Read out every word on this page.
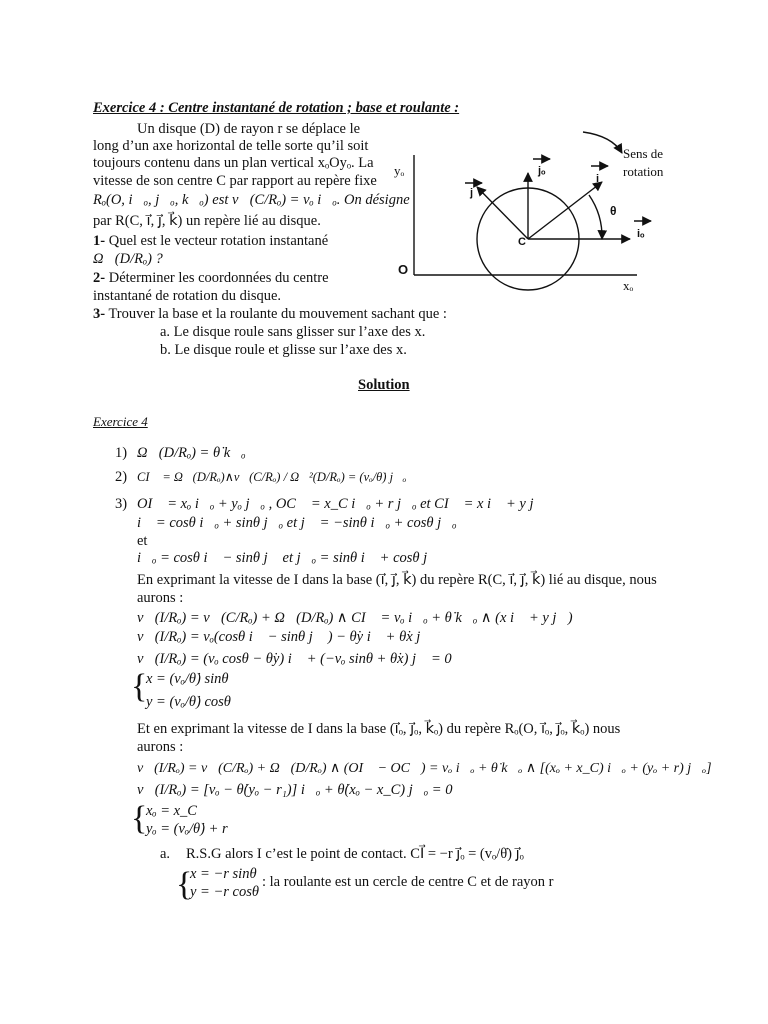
Exercice 4 : Centre instantané de rotation ; base et roulante :
Un disque (D) de rayon r se déplace le
long d’un axe horizontal de telle sorte qu’il soit
toujours contenu dans un plan vertical xₒOyₒ. La
vitesse de son centre C par rapport au repère fixe
Rₒ(O, i⃗ₒ, j⃗ₒ, k⃗ₒ) est v⃗(C/Rₒ) = vₒ i⃗ₒ. On désigne
par R(C, i⃗, j⃗, k⃗) un repère lié au disque.
1- Quel est le vecteur rotation instantané
Ω⃗(D/Rₒ) ?
2- Déterminer les coordonnées du centre
instantané de rotation du disque.
3- Trouver la base et la roulante du mouvement sachant que :
a. Le disque roule sans glisser sur l’axe des x.
b. Le disque roule et glisse sur l’axe des x.
Sens de
rotation
yₒ
xₒ
O
C
jₒ
i
j
iₒ
θ
Solution
Exercice 4
1) Ω⃗(D/Rₒ) = θ̇ k⃗ₒ
2) CI⃗ = Ω⃗(D/Rₒ)∧v⃗(C/Rₒ) / Ω⃗²(D/Rₒ) = (vₒ/θ̇) j⃗ₒ
3) OI⃗ = xₒ i⃗ₒ + yₒ j⃗ₒ , OC⃗ = x_C i⃗ₒ + r j⃗ₒ et CI⃗ = x i⃗ + y j⃗
i⃗ = cosθ i⃗ₒ + sinθ j⃗ₒ et j⃗ = −sinθ i⃗ₒ + cosθ j⃗ₒ
et
i⃗ₒ = cosθ i⃗ − sinθ j⃗ et j⃗ₒ = sinθ i⃗ + cosθ j⃗
En exprimant la vitesse de I dans la base (i⃗, j⃗, k⃗) du repère R(C, i⃗, j⃗, k⃗) lié au disque, nous
aurons :
v⃗(I/Rₒ) = v⃗(C/Rₒ) + Ω⃗(D/Rₒ) ∧ CI⃗ = vₒ i⃗ₒ + θ̇ k⃗ₒ ∧ (x i⃗ + y j⃗)
v⃗(I/Rₒ) = vₒ(cosθ i⃗ − sinθ j⃗ ) − θ̇y i⃗ + θ̇x j⃗
v⃗(I/Rₒ) = (vₒ cosθ − θ̇y) i⃗ + (−vₒ sinθ + θ̇x) j⃗ = 0
{
x = (vₒ/θ̇) sinθ
y = (vₒ/θ̇) cosθ
Et en exprimant la vitesse de I dans la base (i⃗ₒ, j⃗ₒ, k⃗ₒ) du repère Rₒ(O, i⃗ₒ, j⃗ₒ, k⃗ₒ) nous
aurons :
v⃗(I/Rₒ) = v⃗(C/Rₒ) + Ω⃗(D/Rₒ) ∧ (OI⃗ − OC⃗) = vₒ i⃗ₒ + θ̇ k⃗ₒ ∧ [(xₒ + x_C) i⃗ₒ + (yₒ + r) j⃗ₒ]
v⃗(I/Rₒ) = [vₒ − θ̇(yₒ − r₁)] i⃗ₒ + θ̇(xₒ − x_C) j⃗ₒ = 0
{
xₒ = x_C
yₒ = (vₒ/θ̇) + r
a. R.S.G alors I c’est le point de contact. CI⃗ = −r j⃗ₒ = (vₒ/θ̇) j⃗ₒ
{
x = −r sinθ
y = −r cosθ
: la roulante est un cercle de centre C et de rayon r
